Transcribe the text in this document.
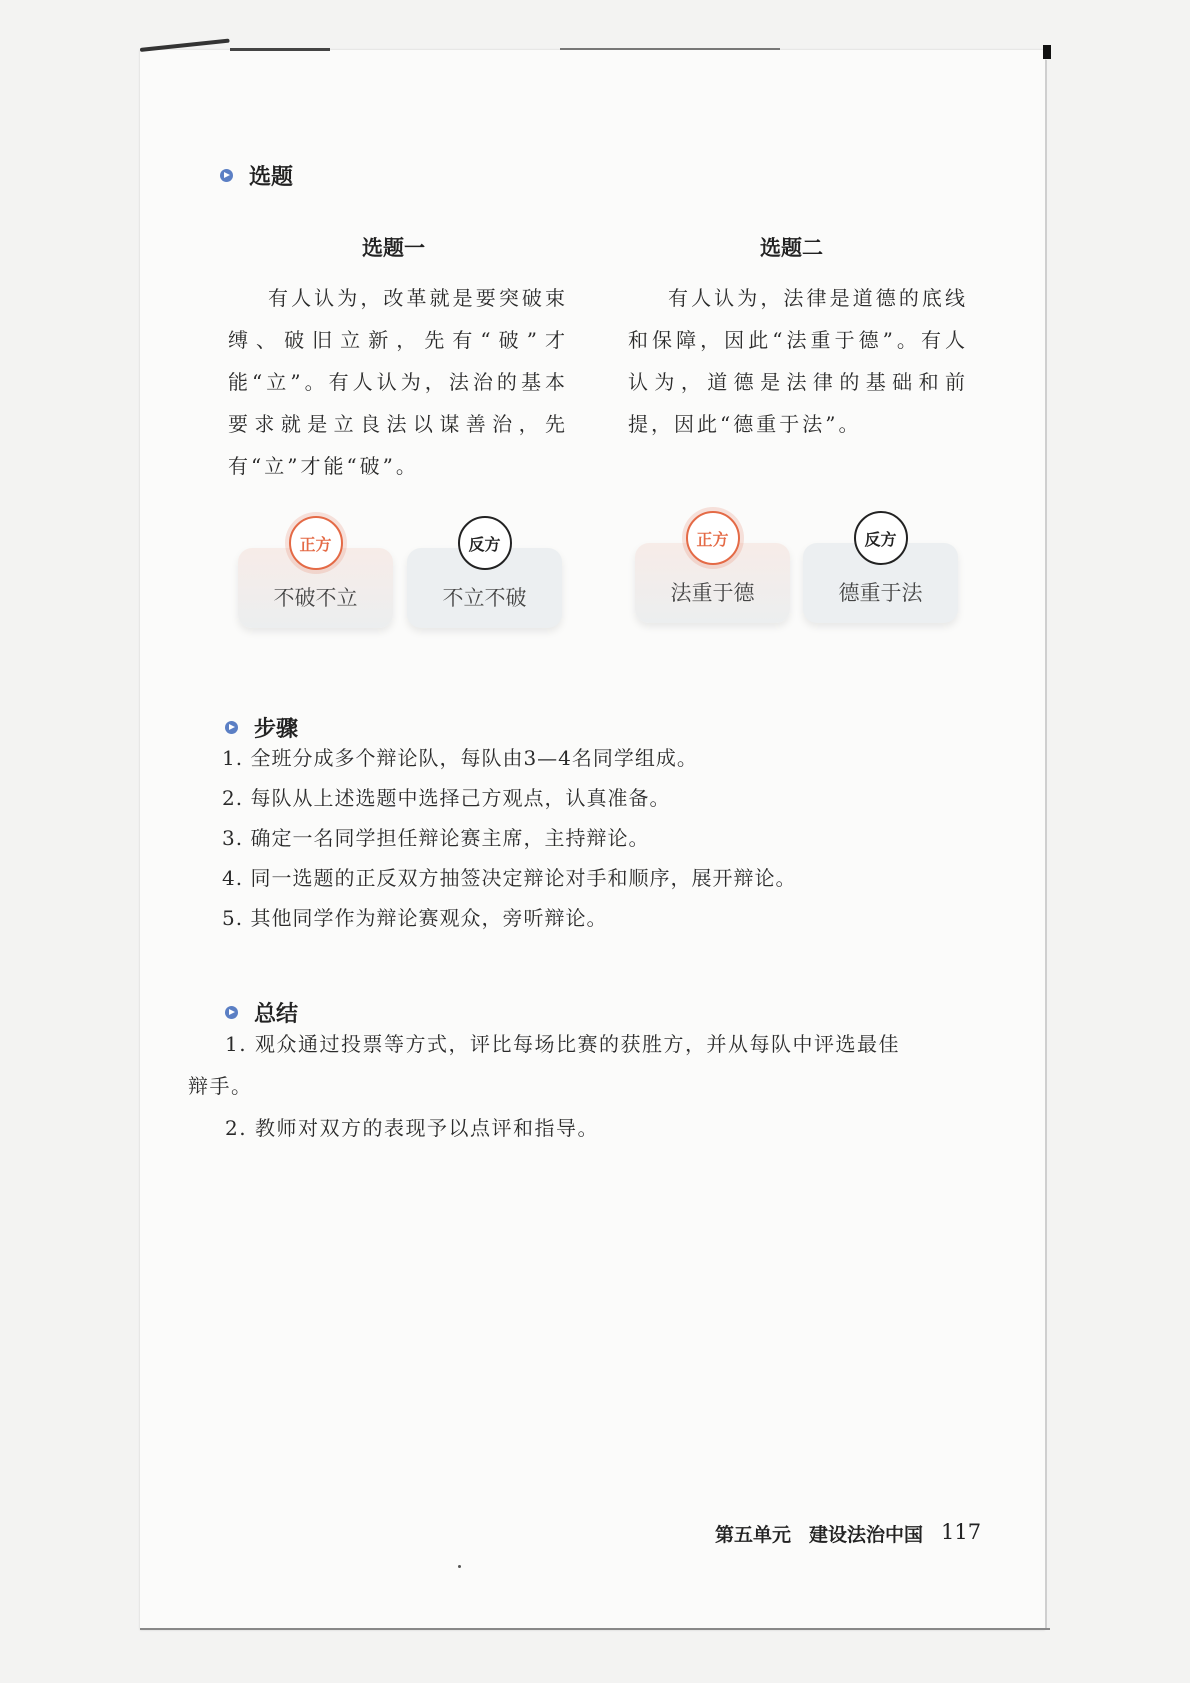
选题
选题一
有人认为，改革就是要突破束缚、破旧立新，先有“破”才能“立”。有人认为，法治的基本要求就是立良法以谋善治，先有“立”才能“破”。
正方
不破不立
反方
不立不破
选题二
有人认为，法律是道德的底线和保障，因此“法重于德”。有人认为，道德是法律的基础和前提，因此“德重于法”。
正方
法重于德
反方
德重于法
步骤
1. 全班分成多个辩论队，每队由3—4名同学组成。
2. 每队从上述选题中选择己方观点，认真准备。
3. 确定一名同学担任辩论赛主席，主持辩论。
4. 同一选题的正反双方抽签决定辩论对手和顺序，展开辩论。
5. 其他同学作为辩论赛观众，旁听辩论。
总结
1. 观众通过投票等方式，评比每场比赛的获胜方，并从每队中评选最佳
辩手。
2. 教师对双方的表现予以点评和指导。
第五单元 建设法治中国 117
